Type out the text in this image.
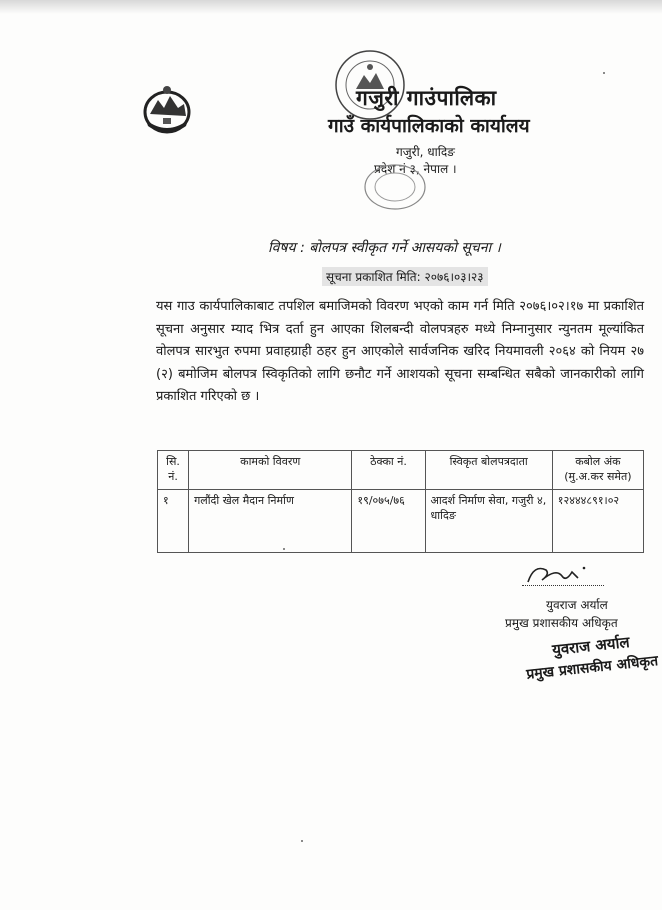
गजुरी गाउंपालिका
गाउँ कार्यपालिकाको कार्यालय
गजुरी, धादिङ
प्रदेश नं ३, नेपाल ।
विषय : बोलपत्र स्वीकृत गर्ने आसयको सूचना ।
सूचना प्रकाशित मिति: २०७६।०३।२३
यस गाउ कार्यपालिकाबाट तपशिल बमाजिमको विवरण भएको काम गर्न मिति २०७६।०२।१७ मा प्रकाशित सूचना अनुसार म्याद भित्र दर्ता हुन आएका शिलबन्दी वोलपत्रहरु मध्ये निम्नानुसार न्युनतम मूल्यांकित वोलपत्र सारभुत रुपमा प्रवाहग्राही ठहर हुन आएकोले सार्वजनिक खरिद नियमावली २०६४ को नियम २७ (२) बमोजिम बोलपत्र स्विकृतिको लागि छनौट गर्ने आशयको सूचना सम्बन्धित सबैको जानकारीको लागि प्रकाशित गरिएको छ ।
सि. नं.	कामको विवरण	ठेक्का नं.	स्विकृत बोलपत्रदाता	कबोल अंक
(मु.अ.कर समेत)

१	गलौंदी खेल मैदान निर्माण	१९/०७५/७६	आदर्श निर्माण सेवा, गजुरी ४, धादिङ	१२४४४८९१।०२
युवराज अर्याल
प्रमुख प्रशासकीय अधिकृत
युवराज अर्याल
प्रमुख प्रशासकीय अधिकृत
